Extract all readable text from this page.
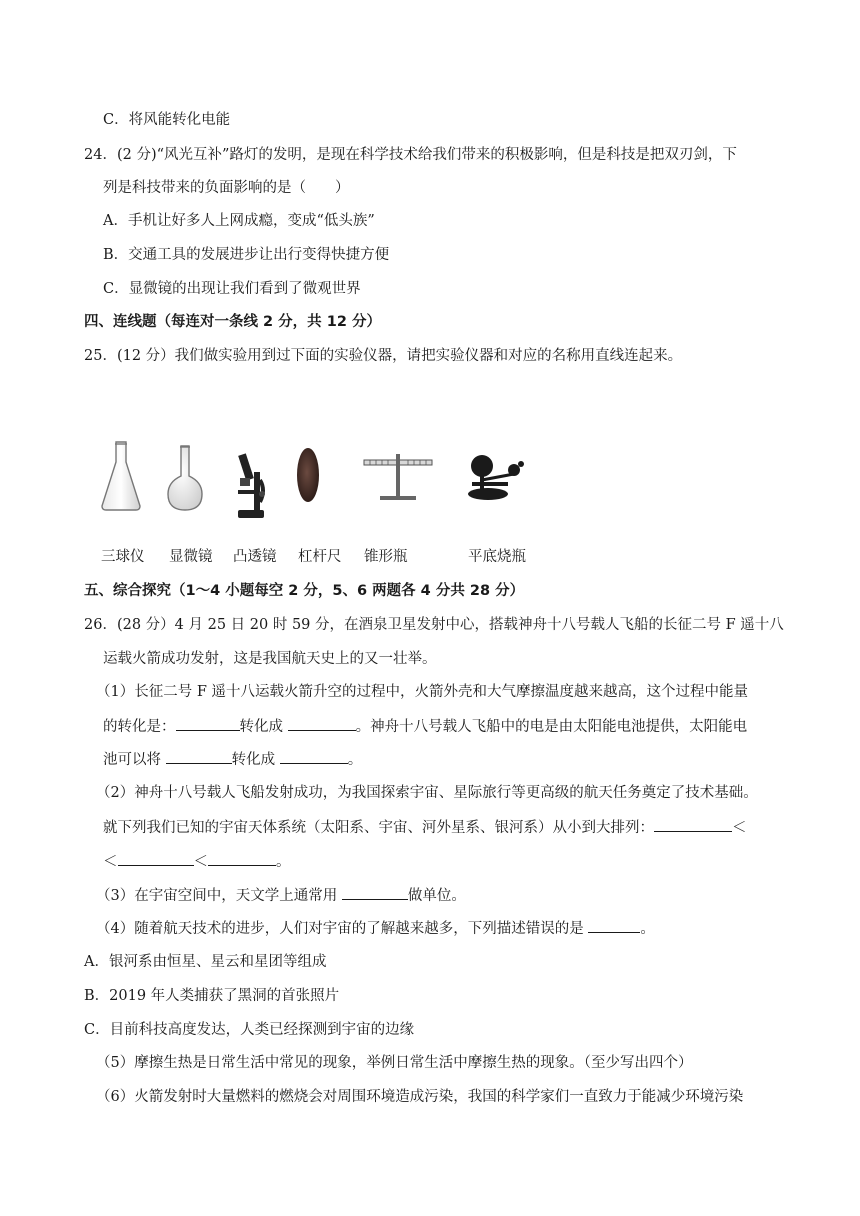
C．将风能转化电能
24．(2 分)“风光互补”路灯的发明，是现在科学技术给我们带来的积极影响，但是科技是把双刃剑，下
列是科技带来的负面影响的是（　　）
A．手机让好多人上网成瘾，变成“低头族”
B．交通工具的发展进步让出行变得快捷方便
C．显微镜的出现让我们看到了微观世界
四、连线题（每连对一条线 2 分，共 12 分）
25．(12 分）我们做实验用到过下面的实验仪器，请把实验仪器和对应的名称用直线连起来。
三球仪 显微镜 凸透镜 杠杆尺 锥形瓶	平底烧瓶
五、综合探究（1～4 小题每空 2 分，5、6 两题各 4 分共 28 分）
26．(28 分）4 月 25 日 20 时 59 分，在酒泉卫星发射中心，搭载神舟十八号载人飞船的长征二号 F 遥十八
运载火箭成功发射，这是我国航天史上的又一壮举。
（1）长征二号 F 遥十八运载火箭升空的过程中，火箭外壳和大气摩擦温度越来越高，这个过程中能量
的转化是：	转化成	。神舟十八号载人飞船中的电是由太阳能电池提供，太阳能电
池可以将	转化成	。
（2）神舟十八号载人飞船发射成功，为我国探索宇宙、星际旅行等更高级的航天任务奠定了技术基础。
就下列我们已知的宇宙天体系统（太阳系、宇宙、河外星系、银河系）从小到大排列：	＜
＜	＜	。
（3）在宇宙空间中，天文学上通常用	做单位。
（4）随着航天技术的进步，人们对宇宙的了解越来越多，下列描述错误的是	。
A．银河系由恒星、星云和星团等组成
B．2019 年人类捕获了黑洞的首张照片
C．目前科技高度发达，人类已经探测到宇宙的边缘
（5）摩擦生热是日常生活中常见的现象，举例日常生活中摩擦生热的现象。（至少写出四个）
（6）火箭发射时大量燃料的燃烧会对周围环境造成污染，我国的科学家们一直致力于能减少环境污染
